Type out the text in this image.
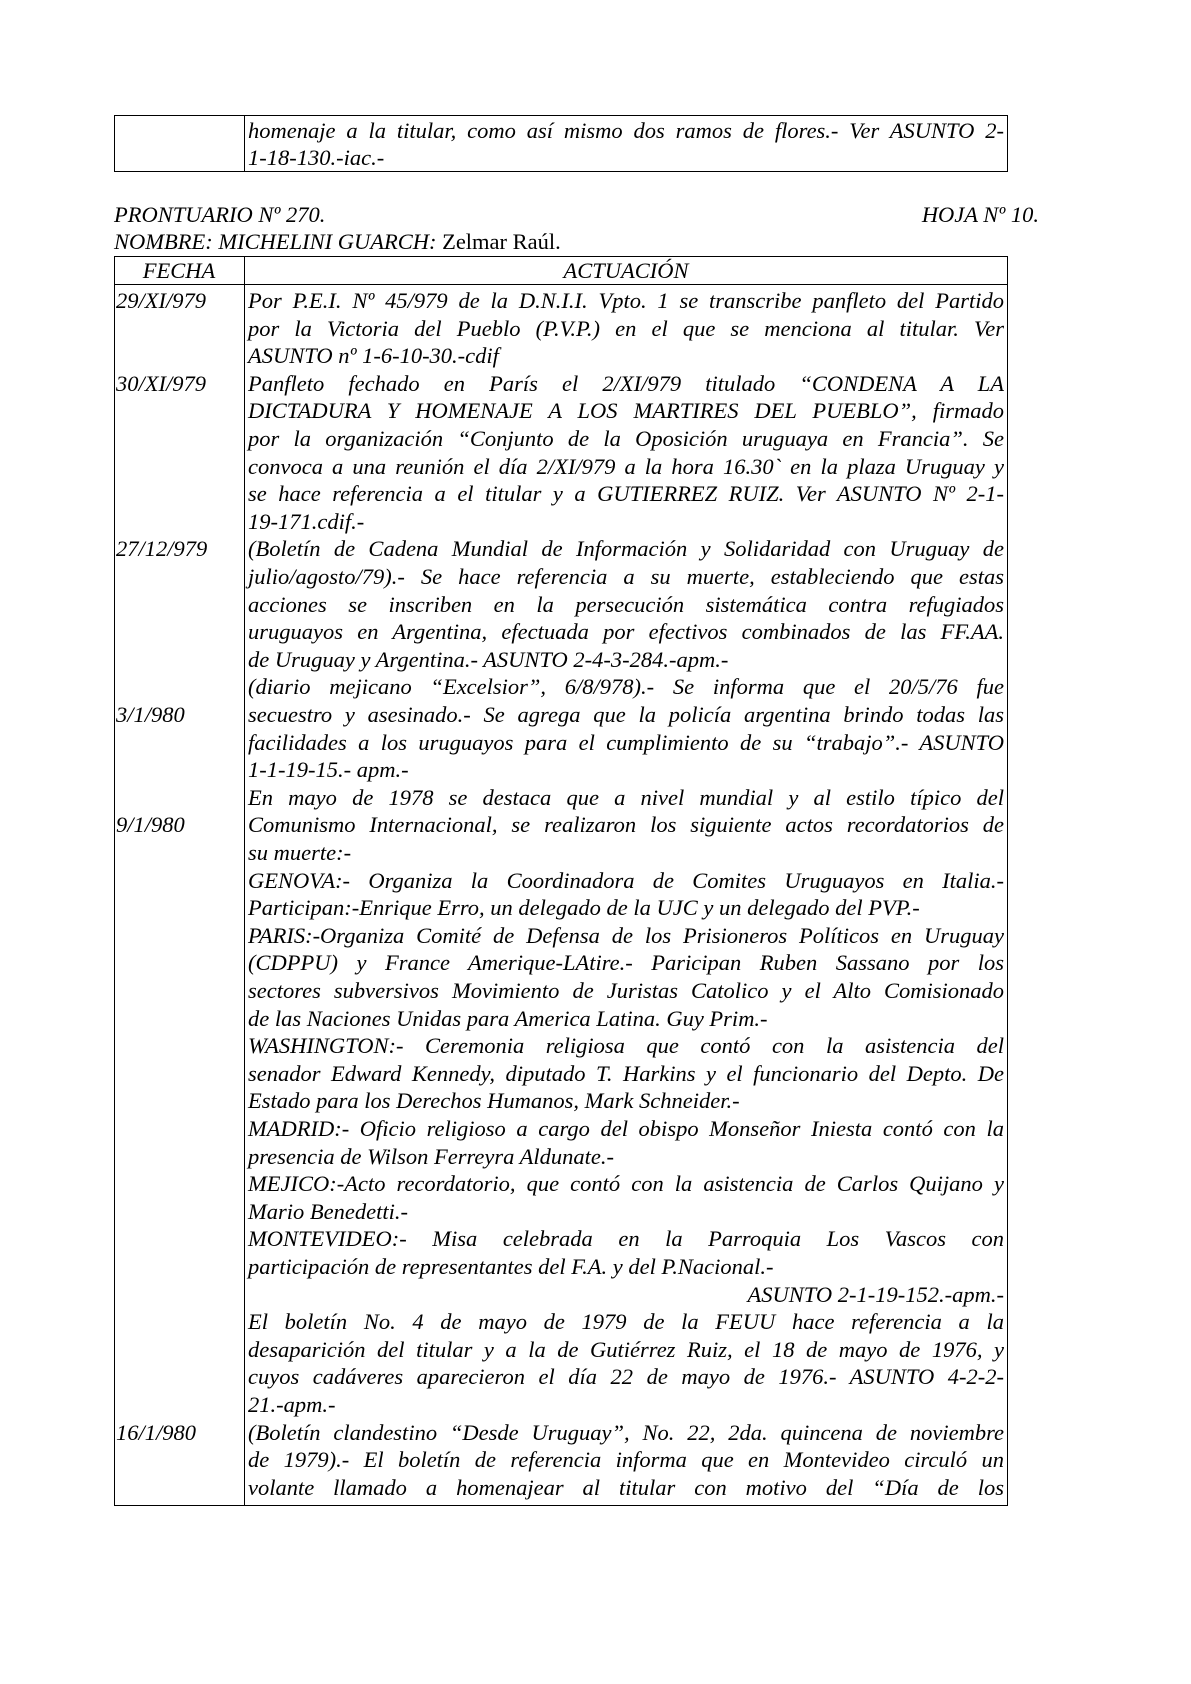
homenaje a la titular, como así mismo dos ramos de flores.- Ver ASUNTO 2-
1-18-130.-iac.-
PRONTUARIO Nº 270.	HOJA Nº 10.
NOMBRE: MICHELINI GUARCH: Zelmar Raúl.
FECHA	ACTUACIÓN
29/XI/979
30/XI/979
27/12/979
3/1/980
9/1/980
16/1/980
Por P.E.I. Nº 45/979 de la D.N.I.I. Vpto. 1 se transcribe panfleto del Partido
por la Victoria del Pueblo (P.V.P.) en el que se menciona al titular. Ver
ASUNTO nº 1-6-10-30.-cdif
Panfleto fechado en París el 2/XI/979 titulado “CONDENA A LA
DICTADURA Y HOMENAJE A LOS MARTIRES DEL PUEBLO”, firmado
por la organización “Conjunto de la Oposición uruguaya en Francia”. Se
convoca a una reunión el día 2/XI/979 a la hora 16.30` en la plaza Uruguay y
se hace referencia a el titular y a GUTIERREZ RUIZ. Ver ASUNTO Nº 2-1-
19-171.cdif.-
(Boletín de Cadena Mundial de Información y Solidaridad con Uruguay de
julio/agosto/79).- Se hace referencia a su muerte, estableciendo que estas
acciones se inscriben en la persecución sistemática contra refugiados
uruguayos en Argentina, efectuada por efectivos combinados de las FF.AA.
de Uruguay y Argentina.- ASUNTO 2-4-3-284.-apm.-
(diario mejicano “Excelsior”, 6/8/978).- Se informa que el 20/5/76 fue
secuestro y asesinado.- Se agrega que la policía argentina brindo todas las
facilidades a los uruguayos para el cumplimiento de su “trabajo”.- ASUNTO
1-1-19-15.- apm.-
En mayo de 1978 se destaca que a nivel mundial y al estilo típico del
Comunismo Internacional, se realizaron los siguiente actos recordatorios de
su muerte:-
GENOVA:- Organiza la Coordinadora de Comites Uruguayos en Italia.-
Participan:-Enrique Erro, un delegado de la UJC y un delegado del PVP.-
PARIS:-Organiza Comité de Defensa de los Prisioneros Políticos en Uruguay
(CDPPU) y France Amerique-LAtire.- Paricipan Ruben Sassano por los
sectores subversivos Movimiento de Juristas Catolico y el Alto Comisionado
de las Naciones Unidas para America Latina. Guy Prim.-
WASHINGTON:- Ceremonia religiosa que contó con la asistencia del
senador Edward Kennedy, diputado T. Harkins y el funcionario del Depto. De
Estado para los Derechos Humanos, Mark Schneider.-
MADRID:- Oficio religioso a cargo del obispo Monseñor Iniesta contó con la
presencia de Wilson Ferreyra Aldunate.-
MEJICO:-Acto recordatorio, que contó con la asistencia de Carlos Quijano y
Mario Benedetti.-
MONTEVIDEO:- Misa celebrada en la Parroquia Los Vascos con
participación de representantes del F.A. y del P.Nacional.-
ASUNTO 2-1-19-152.-apm.-
El boletín No. 4 de mayo de 1979 de la FEUU hace referencia a la
desaparición del titular y a la de Gutiérrez Ruiz, el 18 de mayo de 1976, y
cuyos cadáveres aparecieron el día 22 de mayo de 1976.- ASUNTO 4-2-2-
21.-apm.-
(Boletín clandestino “Desde Uruguay”, No. 22, 2da. quincena de noviembre
de 1979).- El boletín de referencia informa que en Montevideo circuló un
volante llamado a homenajear al titular con motivo del “Día de los
